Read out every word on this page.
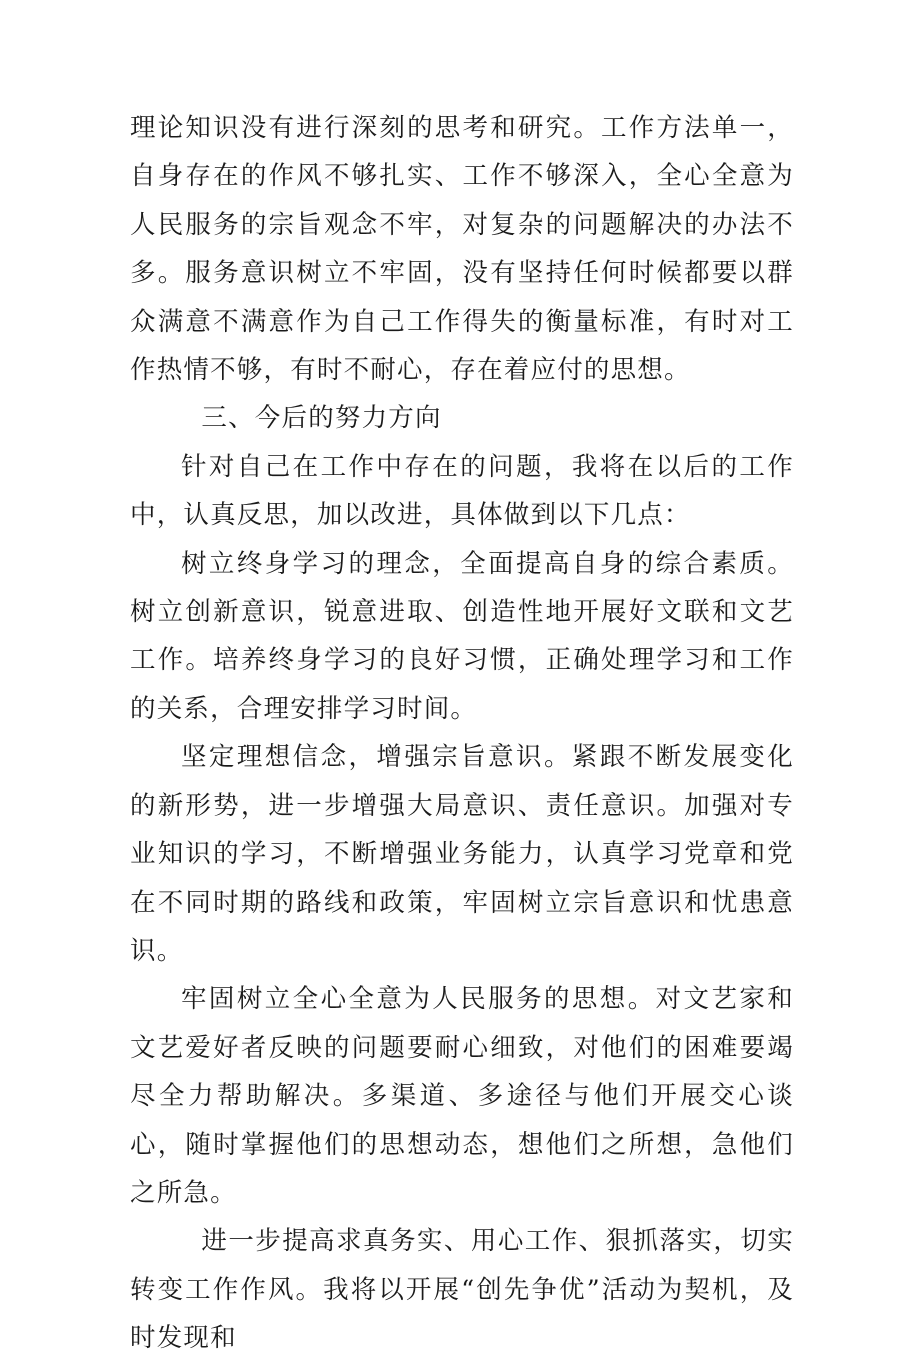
理论知识没有进行深刻的思考和研究。工作方法单一，自身存在的作风不够扎实、工作不够深入，全心全意为人民服务的宗旨观念不牢，对复杂的问题解决的办法不多。服务意识树立不牢固，没有坚持任何时候都要以群众满意不满意作为自己工作得失的衡量标准，有时对工作热情不够，有时不耐心，存在着应付的思想。

三、今后的努力方向

针对自己在工作中存在的问题，我将在以后的工作中，认真反思，加以改进，具体做到以下几点：

树立终身学习的理念，全面提高自身的综合素质。树立创新意识，锐意进取、创造性地开展好文联和文艺工作。培养终身学习的良好习惯，正确处理学习和工作的关系，合理安排学习时间。

坚定理想信念，增强宗旨意识。紧跟不断发展变化的新形势，进一步增强大局意识、责任意识。加强对专业知识的学习，不断增强业务能力，认真学习党章和党在不同时期的路线和政策，牢固树立宗旨意识和忧患意识。

牢固树立全心全意为人民服务的思想。对文艺家和文艺爱好者反映的问题要耐心细致，对他们的困难要竭尽全力帮助解决。多渠道、多途径与他们开展交心谈心，随时掌握他们的思想动态，想他们之所想，急他们之所急。

进一步提高求真务实、用心工作、狠抓落实，切实转变工作作风。我将以开展“创先争优”活动为契机，及时发现和
